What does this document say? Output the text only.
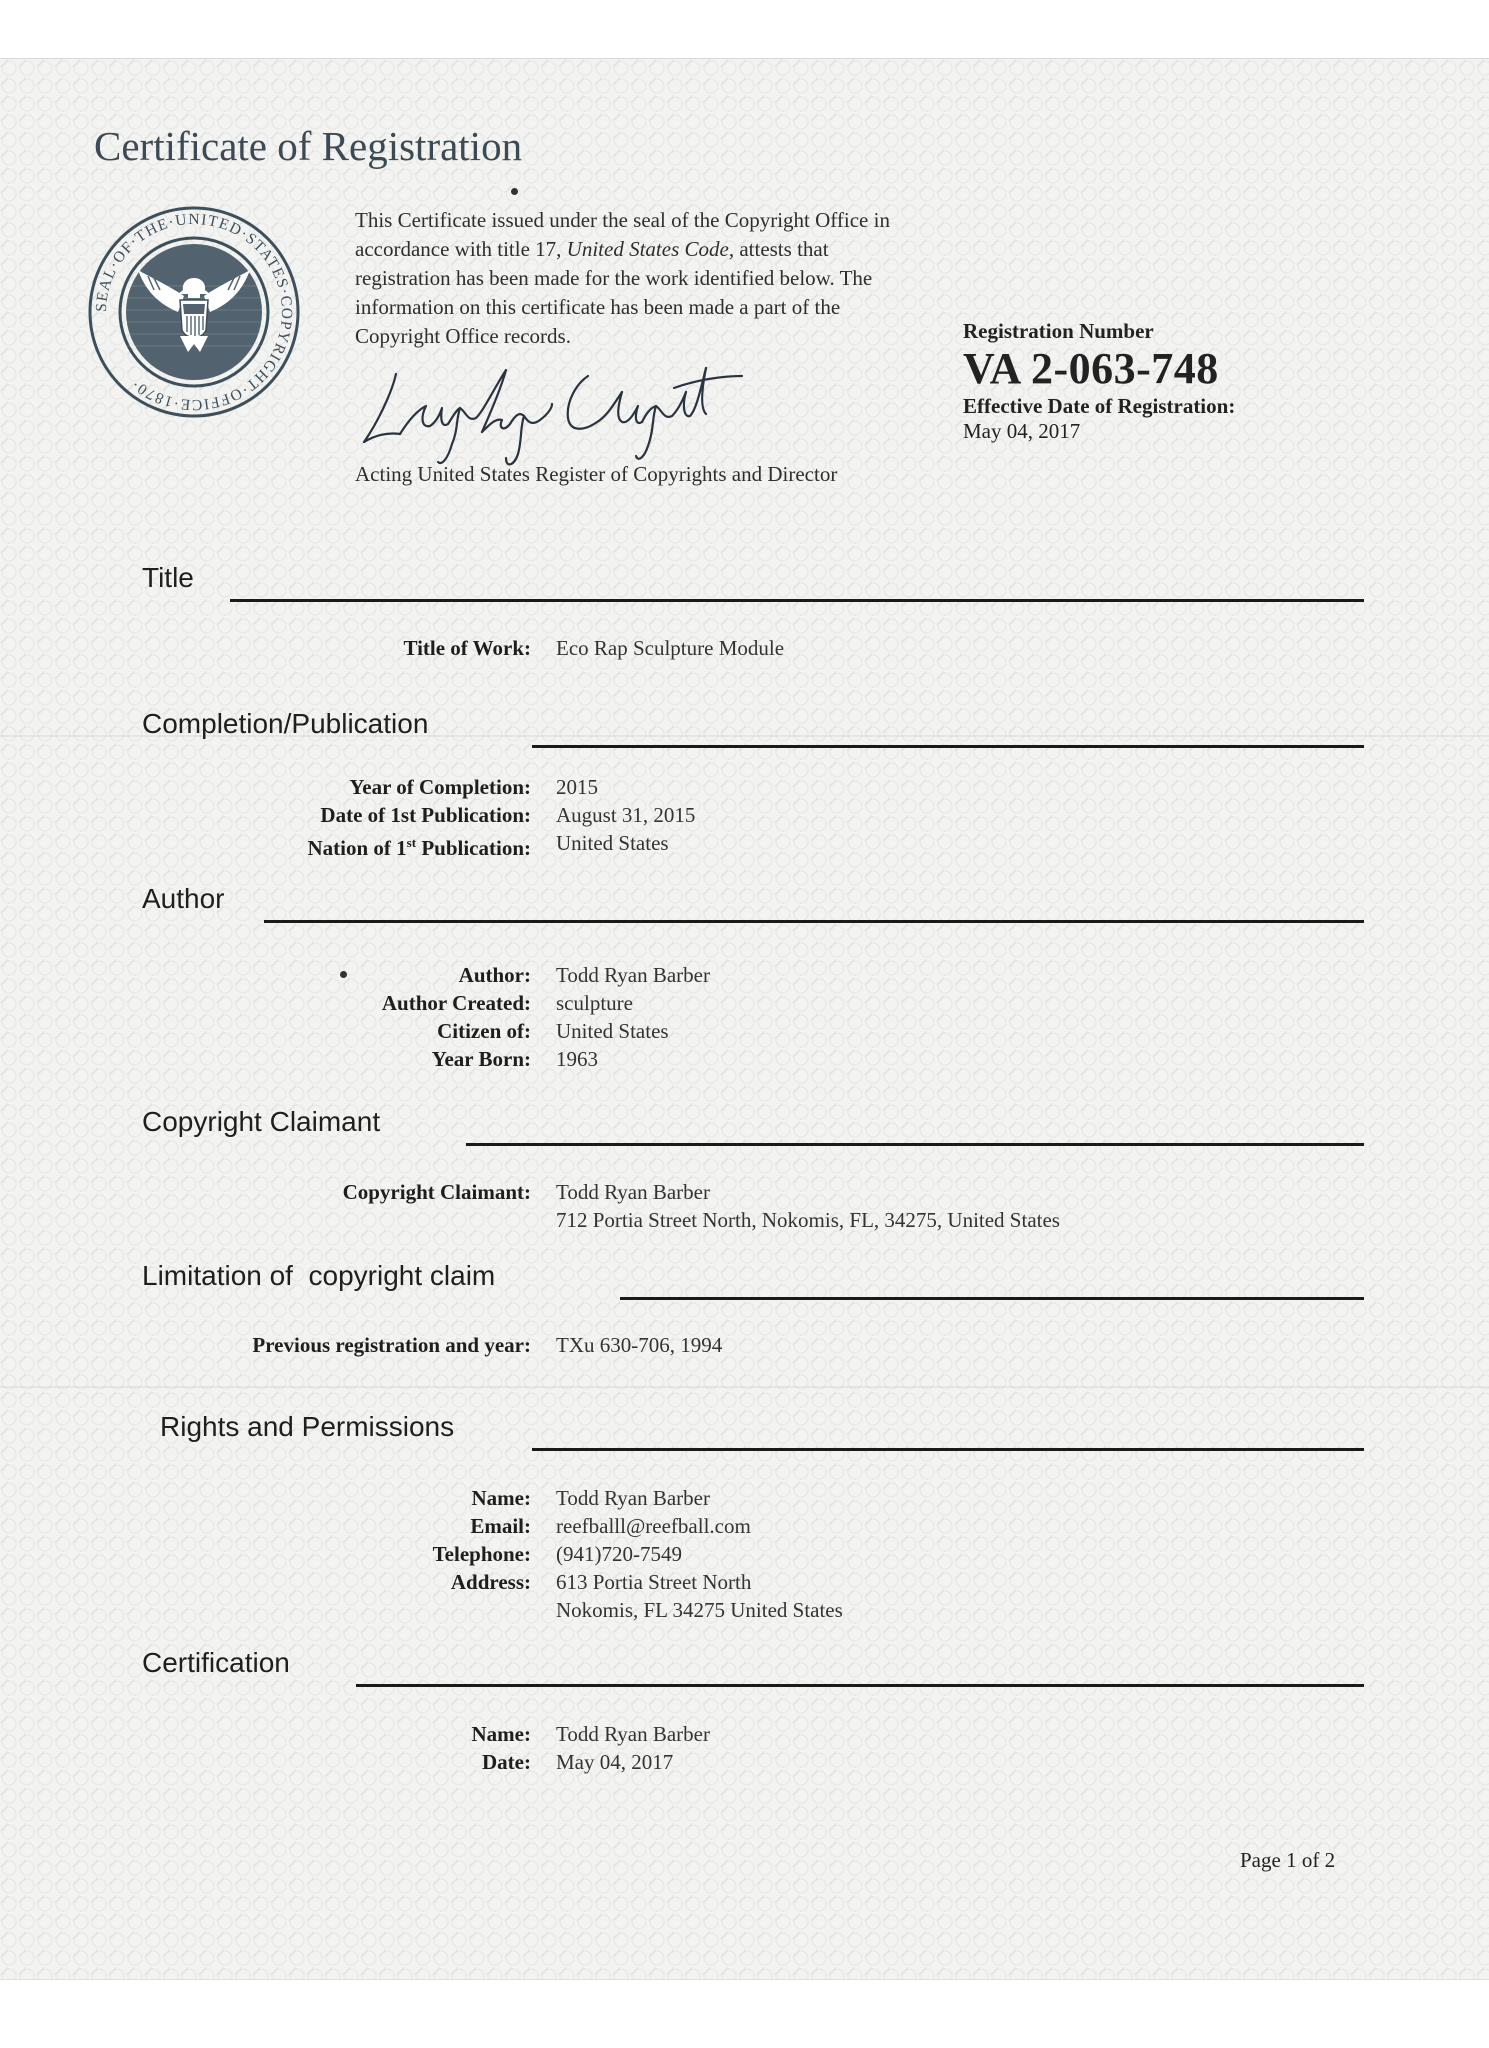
Certificate of Registration
SEAL·OF·THE·UNITED·STATES·COPYRIGHT·OFFICE·1870·

This Certificate issued under the seal of the Copyright Office in accordance with title 17, United States Code, attests that registration has been made for the work identified below. The information on this certificate has been made a part of the Copyright Office records.

Acting United States Register of Copyrights and Director
Registration Number
VA 2-063-748
Effective Date of Registration:
May 04, 2017
Title
Title of Work: Eco Rap Sculpture Module
Completion/Publication
Year of Completion: 2015
Date of 1st Publication: August 31, 2015
Nation of 1st Publication: United States
Author
Author: Todd Ryan Barber
Author Created: sculpture
Citizen of: United States
Year Born: 1963
Copyright Claimant
Copyright Claimant: Todd Ryan Barber
712 Portia Street North, Nokomis, FL, 34275, United States
Limitation of  copyright claim
Previous registration and year: TXu 630-706, 1994
Rights and Permissions
Name: Todd Ryan Barber
Email: reefballl@reefball.com
Telephone: (941)720-7549
Address: 613 Portia Street North
Nokomis, FL 34275 United States
Certification
Name: Todd Ryan Barber
Date: May 04, 2017
Page 1 of 2
